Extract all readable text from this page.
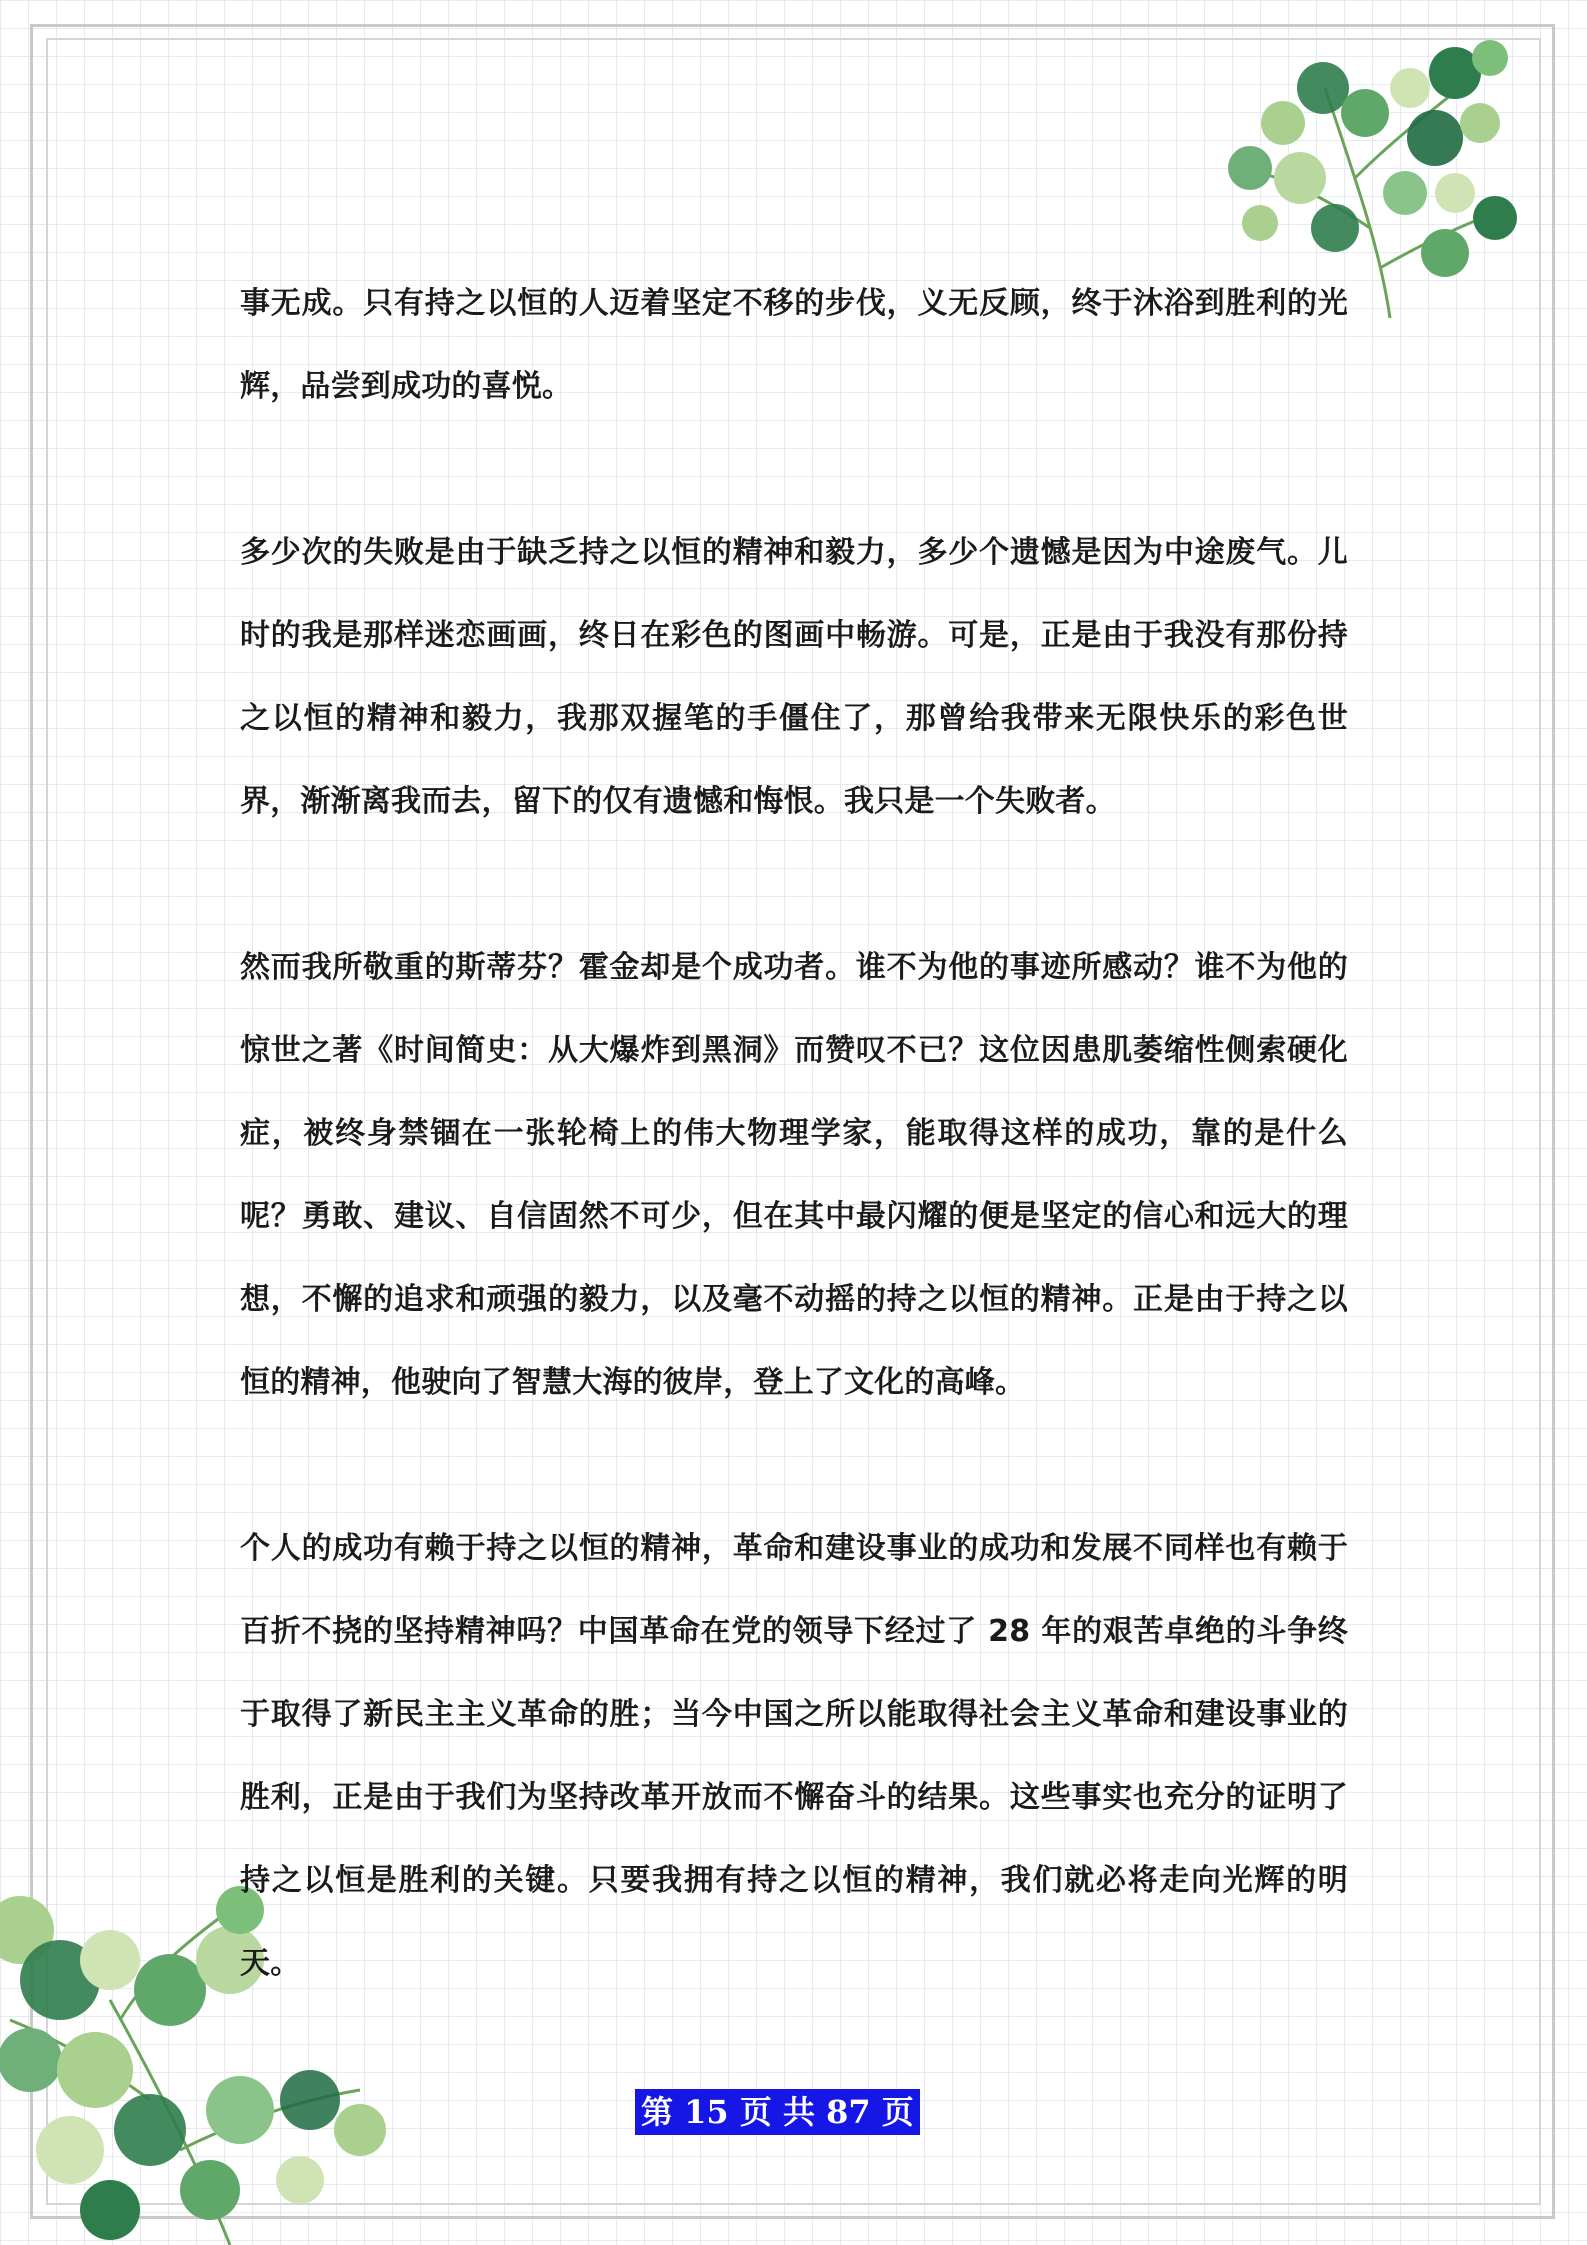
事无成。只有持之以恒的人迈着坚定不移的步伐，义无反顾，终于沐浴到胜利的光辉，品尝到成功的喜悦。

多少次的失败是由于缺乏持之以恒的精神和毅力，多少个遗憾是因为中途废气。儿时的我是那样迷恋画画，终日在彩色的图画中畅游。可是，正是由于我没有那份持之以恒的精神和毅力，我那双握笔的手僵住了，那曾给我带来无限快乐的彩色世界，渐渐离我而去，留下的仅有遗憾和悔恨。我只是一个失败者。

然而我所敬重的斯蒂芬？霍金却是个成功者。谁不为他的事迹所感动？谁不为他的惊世之著《时间简史：从大爆炸到黑洞》而赞叹不已？这位因患肌萎缩性侧索硬化症，被终身禁锢在一张轮椅上的伟大物理学家，能取得这样的成功，靠的是什么呢？勇敢、建议、自信固然不可少，但在其中最闪耀的便是坚定的信心和远大的理想，不懈的追求和顽强的毅力，以及毫不动摇的持之以恒的精神。正是由于持之以恒的精神，他驶向了智慧大海的彼岸，登上了文化的高峰。

个人的成功有赖于持之以恒的精神，革命和建设事业的成功和发展不同样也有赖于百折不挠的坚持精神吗？中国革命在党的领导下经过了 28 年的艰苦卓绝的斗争终于取得了新民主主义革命的胜；当今中国之所以能取得社会主义革命和建设事业的胜利，正是由于我们为坚持改革开放而不懈奋斗的结果。这些事实也充分的证明了持之以恒是胜利的关键。只要我拥有持之以恒的精神，我们就必将走向光辉的明天。

第 15 页 共 87 页
